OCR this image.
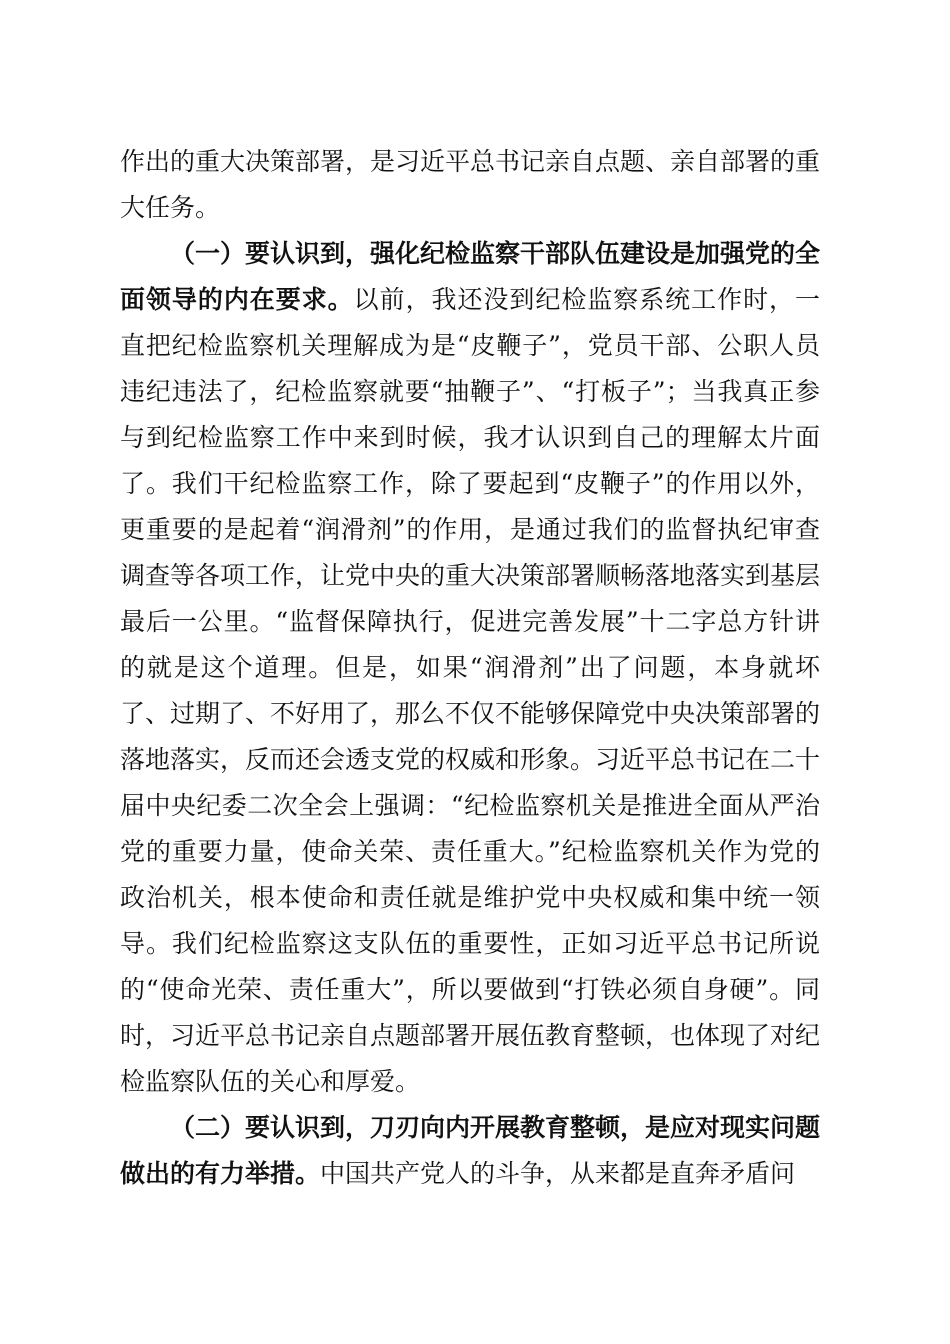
作出的重大决策部署，是习近平总书记亲自点题、亲自部署的重大任务。

（一）要认识到，强化纪检监察干部队伍建设是加强党的全面领导的内在要求。以前，我还没到纪检监察系统工作时，一直把纪检监察机关理解成为是“皮鞭子”，党员干部、公职人员违纪违法了，纪检监察就要“抽鞭子”、“打板子”；当我真正参与到纪检监察工作中来到时候，我才认识到自己的理解太片面了。我们干纪检监察工作，除了要起到“皮鞭子”的作用以外，更重要的是起着“润滑剂”的作用，是通过我们的监督执纪审查调查等各项工作，让党中央的重大决策部署顺畅落地落实到基层最后一公里。“监督保障执行，促进完善发展”十二字总方针讲的就是这个道理。但是，如果“润滑剂”出了问题，本身就坏了、过期了、不好用了，那么不仅不能够保障党中央决策部署的落地落实，反而还会透支党的权威和形象。习近平总书记在二十届中央纪委二次全会上强调：“纪检监察机关是推进全面从严治党的重要力量，使命关荣、责任重大。”纪检监察机关作为党的政治机关，根本使命和责任就是维护党中央权威和集中统一领导。我们纪检监察这支队伍的重要性，正如习近平总书记所说的“使命光荣、责任重大”，所以要做到“打铁必须自身硬”。同时，习近平总书记亲自点题部署开展伍教育整顿，也体现了对纪检监察队伍的关心和厚爱。

（二）要认识到，刀刃向内开展教育整顿，是应对现实问题做出的有力举措。中国共产党人的斗争，从来都是直奔矛盾问
